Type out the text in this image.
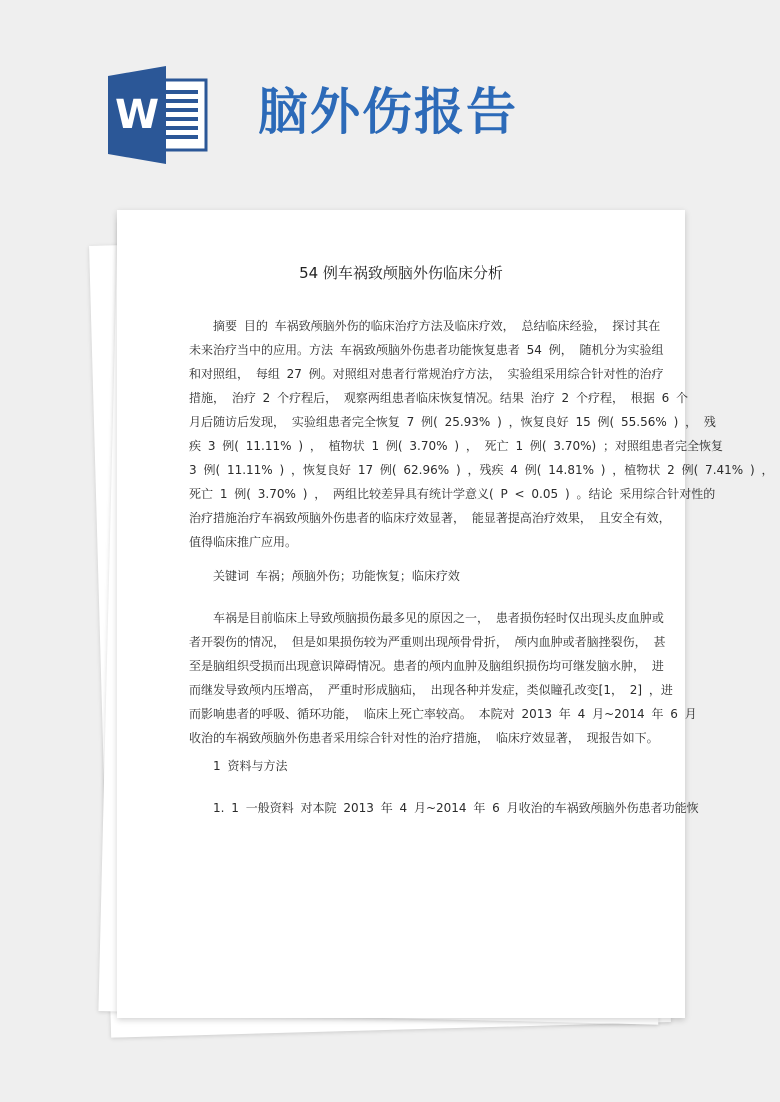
W 脑外伤报告
54 例车祸致颅脑外伤临床分析
摘要 目的 车祸致颅脑外伤的临床治疗方法及临床疗效， 总结临床经验， 探讨其在
未来治疗当中的应用。方法 车祸致颅脑外伤患者功能恢复患者 54 例， 随机分为实验组
和对照组， 每组 27 例。对照组对患者行常规治疗方法， 实验组采用综合针对性的治疗
措施， 治疗 2 个疗程后， 观察两组患者临床恢复情况。结果 治疗 2 个疗程， 根据 6 个
月后随访后发现， 实验组患者完全恢复 7 例( 25.93% ) ，恢复良好 15 例( 55.56% ) ， 残
疾 3 例( 11.11% ) ， 植物状 1 例( 3.70% ) ， 死亡 1 例( 3.70%) ；对照组患者完全恢复
3 例( 11.11% ) ，恢复良好 17 例( 62.96% ) ，残疾 4 例( 14.81% ) ，植物状 2 例( 7.41% ) ，
死亡 1 例( 3.70% ) ， 两组比较差异具有统计学意义( P < 0.05 ) 。结论 采用综合针对性的
治疗措施治疗车祸致颅脑外伤患者的临床疗效显著， 能显著提高治疗效果， 且安全有效，
值得临床推广应用。
关键词 车祸；颅脑外伤；功能恢复；临床疗效
车祸是目前临床上导致颅脑损伤最多见的原因之一， 患者损伤轻时仅出现头皮血肿或
者开裂伤的情况， 但是如果损伤较为严重则出现颅骨骨折， 颅内血肿或者脑挫裂伤， 甚
至是脑组织受损而出现意识障碍情况。患者的颅内血肿及脑组织损伤均可继发脑水肿， 进
而继发导致颅内压增高， 严重时形成脑疝， 出现各种并发症，类似瞳孔改变[1， 2] ，进
而影响患者的呼吸、循环功能， 临床上死亡率较高。 本院对 2013 年 4 月~2014 年 6 月
收治的车祸致颅脑外伤患者采用综合针对性的治疗措施， 临床疗效显著， 现报告如下。
1 资料与方法
1. 1 一般资料 对本院 2013 年 4 月~2014 年 6 月收治的车祸致颅脑外伤患者功能恢
